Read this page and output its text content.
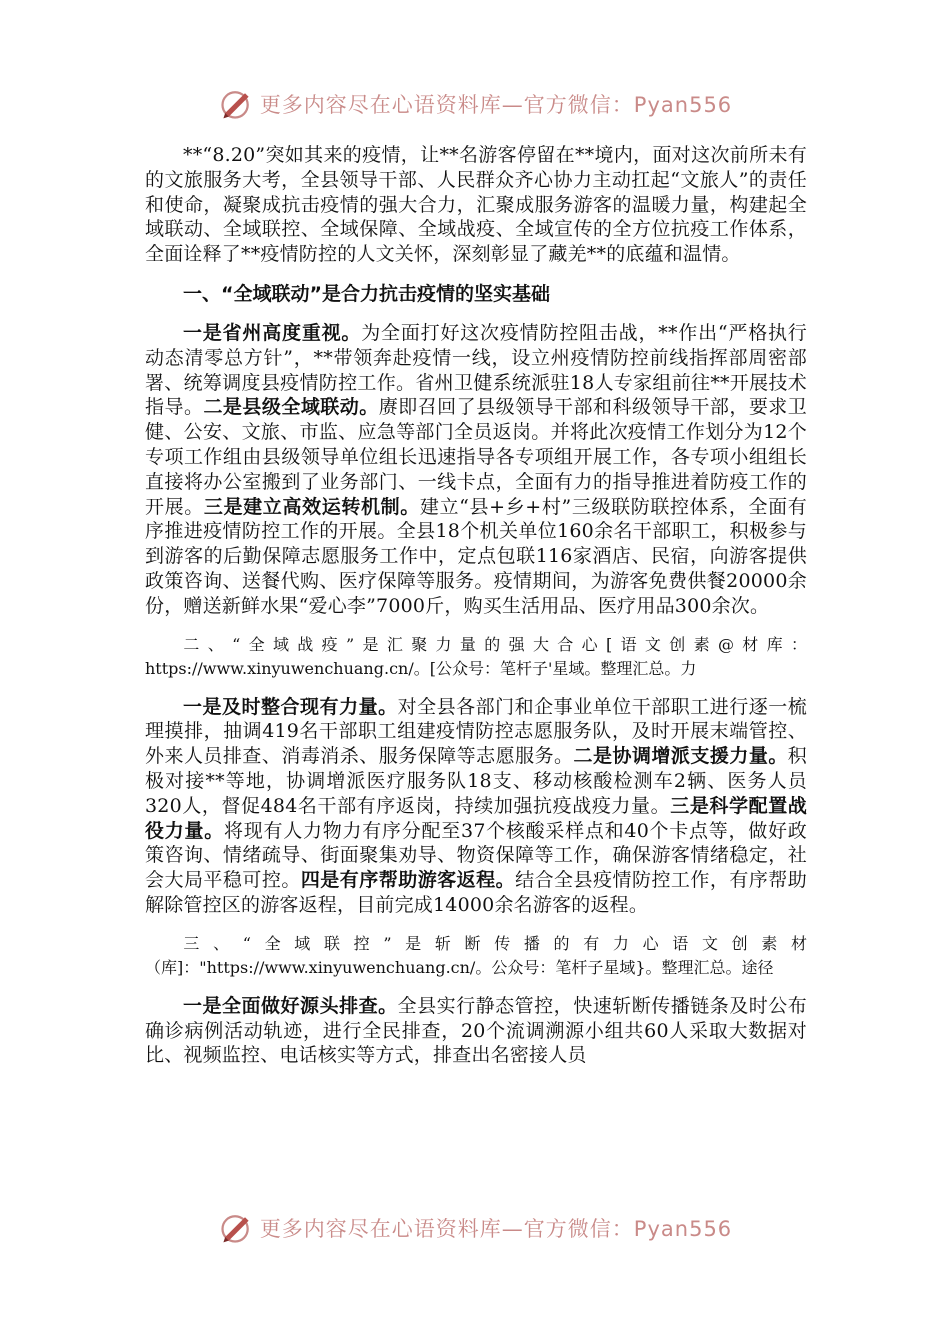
更多内容尽在心语资料库—官方微信：Pyan556

**“8.20”突如其来的疫情，让**名游客停留在**境内，面对这次前所未有的文旅服务大考，全县领导干部、人民群众齐心协力主动扛起“文旅人”的责任和使命，凝聚成抗击疫情的强大合力，汇聚成服务游客的温暖力量，构建起全域联动、全域联控、全域保障、全域战疫、全域宣传的全方位抗疫工作体系，全面诠释了**疫情防控的人文关怀，深刻彰显了藏羌**的底蕴和温情。

一、“全域联动”是合力抗击疫情的坚实基础

一是省州高度重视。为全面打好这次疫情防控阻击战，**作出“严格执行动态清零总方针”，**带领奔赴疫情一线，设立州疫情防控前线指挥部周密部署、统筹调度县疫情防控工作。省州卫健系统派驻18人专家组前往**开展技术指导。二是县级全域联动。赓即召回了县级领导干部和科级领导干部，要求卫健、公安、文旅、市监、应急等部门全员返岗。并将此次疫情工作划分为12个专项工作组由县级领导单位组长迅速指导各专项组开展工作，各专项小组组长直接将办公室搬到了业务部门、一线卡点，全面有力的指导推进着防疫工作的开展。三是建立高效运转机制。建立“县+乡+村”三级联防联控体系，全面有序推进疫情防控工作的开展。全县18个机关单位160余名干部职工，积极参与到游客的后勤保障志愿服务工作中，定点包联116家酒店、民宿，向游客提供政策咨询、送餐代购、医疗保障等服务。疫情期间，为游客免费供餐20000余份，赠送新鲜水果“爱心李”7000斤，购买生活用品、医疗用品300余次。

二、“全域战疫”是汇聚力量的强大合心[语文创素@材库：https://www.xinyuwenchuang.cn/。[公众号：笔杆子'星域。整理汇总。力

一是及时整合现有力量。对全县各部门和企事业单位干部职工进行逐一梳理摸排，抽调419名干部职工组建疫情防控志愿服务队，及时开展末端管控、外来人员排查、消毒消杀、服务保障等志愿服务。二是协调增派支援力量。积极对接**等地，协调增派医疗服务队18支、移动核酸检测车2辆、医务人员320人，督促484名干部有序返岗，持续加强抗疫战疫力量。三是科学配置战役力量。将现有人力物力有序分配至37个核酸采样点和40个卡点等，做好政策咨询、情绪疏导、街面聚集劝导、物资保障等工作，确保游客情绪稳定，社会大局平稳可控。四是有序帮助游客返程。结合全县疫情防控工作，有序帮助解除管控区的游客返程，目前完成14000余名游客的返程。

三、“全域联控”是斩断传播的有力心语文创素材（库]："https://www.xinyuwenchuang.cn/。公众号：笔杆子星域}。整理汇总。途径

一是全面做好源头排查。全县实行静态管控，快速斩断传播链条及时公布确诊病例活动轨迹，进行全民排查，20个流调溯源小组共60人采取大数据对比、视频监控、电话核实等方式，排查出名密接人员

更多内容尽在心语资料库—官方微信：Pyan556
